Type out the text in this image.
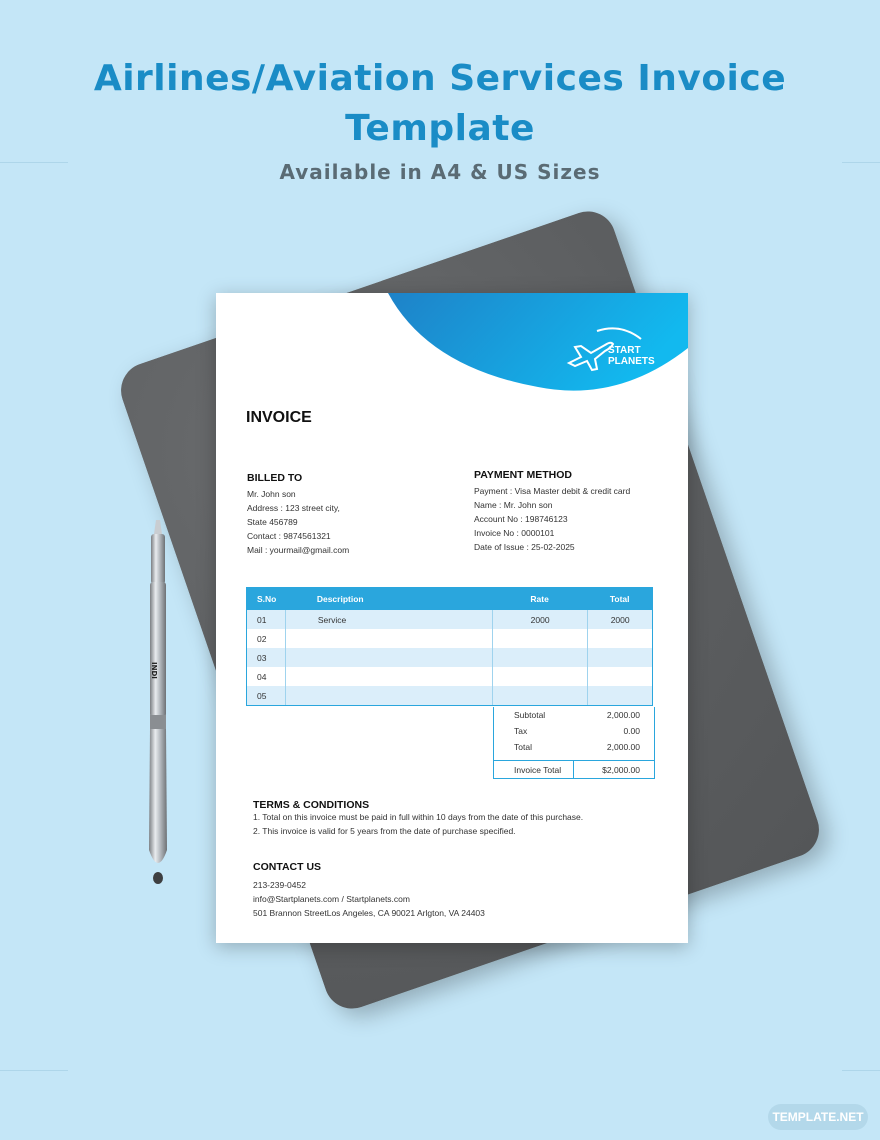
Airlines/Aviation Services Invoice Template
Available in A4 & US Sizes
INDI
START
PLANETS
INVOICE
BILLED TO
Mr. John son
Address : 123 street city,
State 456789
Contact : 9874561321
Mail : yourmail@gmail.com
PAYMENT METHOD
Payment : Visa Master debit & credit card
Name : Mr. John son
Account No : 198746123
Invoice No : 0000101
Date of Issue : 25-02-2025
S.No	Description	Rate	Total
01	Service	2000	2000
02
03
04
05
Subtotal	2,000.00
Tax	0.00
Total	2,000.00
Invoice Total	$2,000.00
TERMS & CONDITIONS
1. Total on this invoice must be paid in full within 10 days from the date of this purchase.
2. This invoice is valid for 5 years from the date of purchase specified.
CONTACT US
213-239-0452
info@Startplanets.com / Startplanets.com
501 Brannon StreetLos Angeles, CA 90021 Arlgton, VA 24403
TEMPLATE.NET
